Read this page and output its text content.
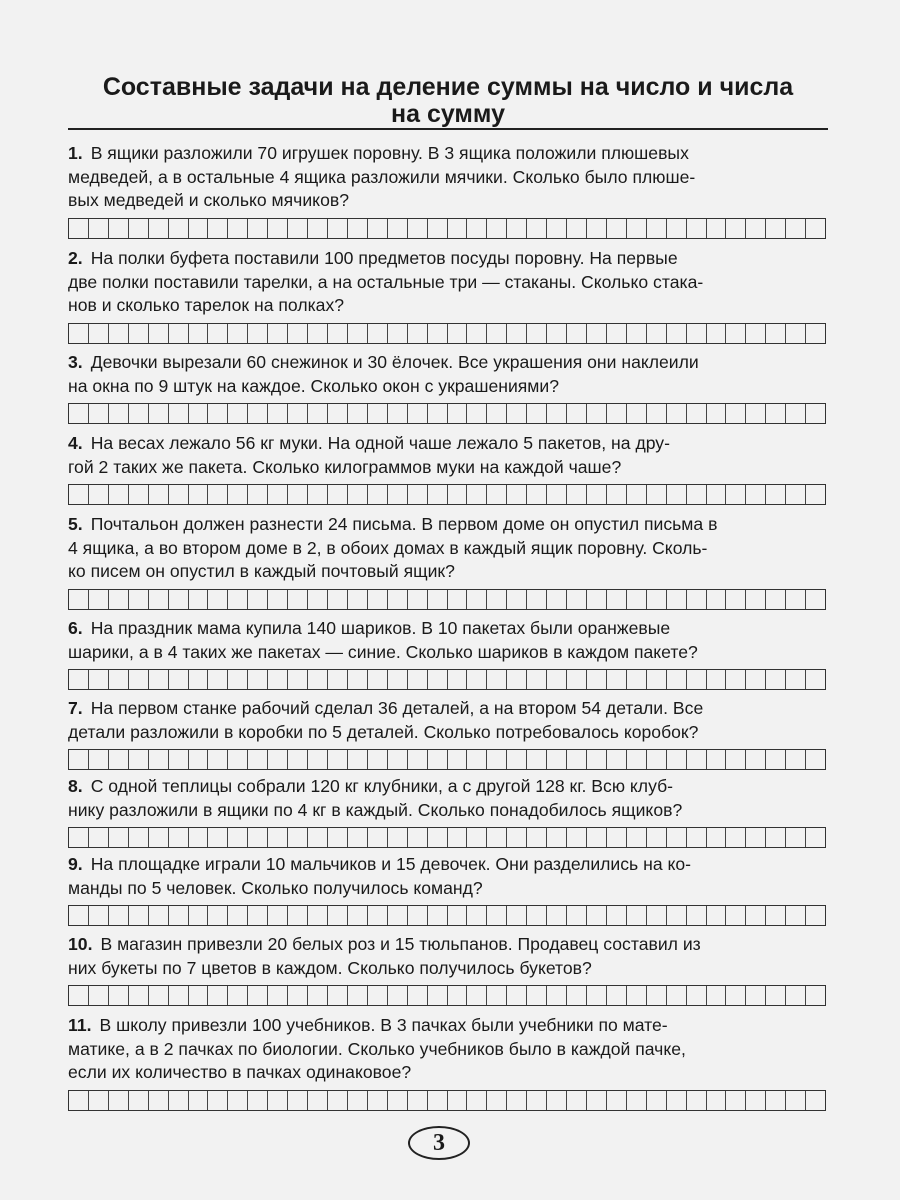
Составные задачи на деление суммы на число и числа
на сумму

1. В ящики разложили 70 игрушек поровну. В 3 ящика положили плюшевых
медведей, а в остальные 4 ящика разложили мячики. Сколько было плюше-
вых медведей и сколько мячиков?

2. На полки буфета поставили 100 предметов посуды поровну. На первые
две полки поставили тарелки, а на остальные три — стаканы. Сколько стака-
нов и сколько тарелок на полках?

3. Девочки вырезали 60 снежинок и 30 ёлочек. Все украшения они наклеили
на окна по 9 штук на каждое. Сколько окон с украшениями?

4. На весах лежало 56 кг муки. На одной чаше лежало 5 пакетов, на дру-
гой 2 таких же пакета. Сколько килограммов муки на каждой чаше?

5. Почтальон должен разнести 24 письма. В первом доме он опустил письма в
4 ящика, а во втором доме в 2, в обоих домах в каждый ящик поровну. Сколь-
ко писем он опустил в каждый почтовый ящик?

6. На праздник мама купила 140 шариков. В 10 пакетах были оранжевые
шарики, а в 4 таких же пакетах — синие. Сколько шариков в каждом пакете?

7. На первом станке рабочий сделал 36 деталей, а на втором 54 детали. Все
детали разложили в коробки по 5 деталей. Сколько потребовалось коробок?

8. С одной теплицы собрали 120 кг клубники, а с другой 128 кг. Всю клуб-
нику разложили в ящики по 4 кг в каждый. Сколько понадобилось ящиков?

9. На площадке играли 10 мальчиков и 15 девочек. Они разделились на ко-
манды по 5 человек. Сколько получилось команд?

10. В магазин привезли 20 белых роз и 15 тюльпанов. Продавец составил из
них букеты по 7 цветов в каждом. Сколько получилось букетов?

11. В школу привезли 100 учебников. В 3 пачках были учебники по мате-
матике, а в 2 пачках по биологии. Сколько учебников было в каждой пачке,
если их количество в пачках одинаковое?

3
